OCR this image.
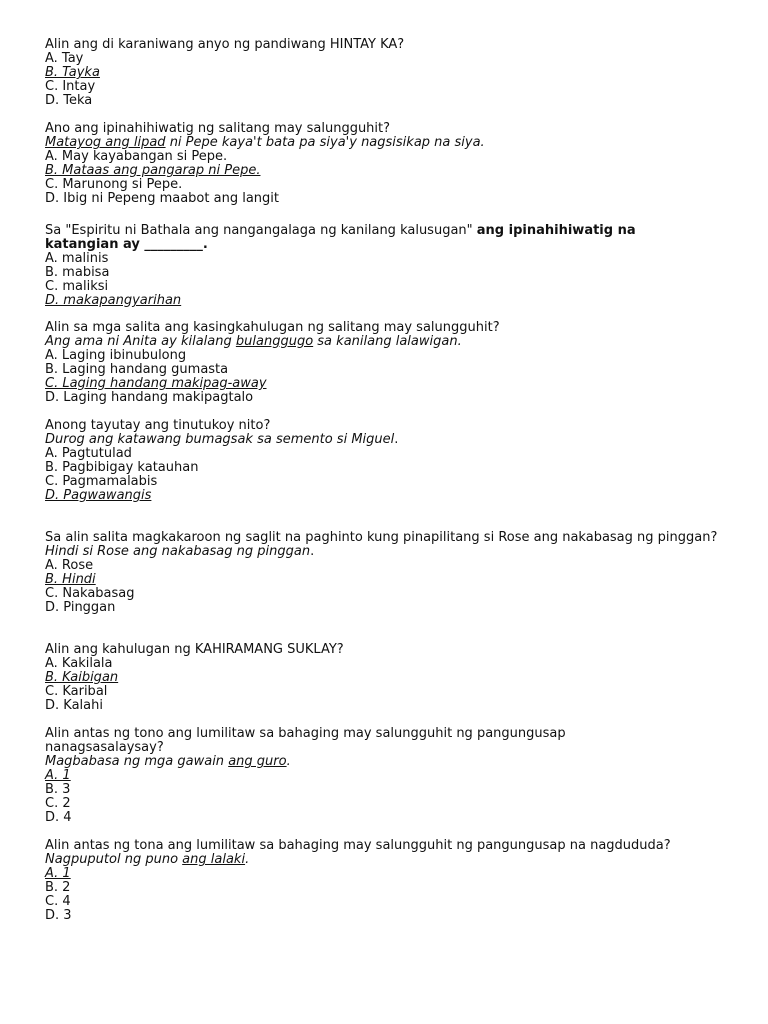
Alin ang di karaniwang anyo ng pandiwang HINTAY KA?
A. Tay
B. Tayka
C. Intay
D. Teka
Ano ang ipinahihiwatig ng salitang may salungguhit?
Matayog ang lipad ni Pepe kaya't bata pa siya'y nagsisikap na siya.
A. May kayabangan si Pepe.
B. Mataas ang pangarap ni Pepe.
C. Marunong si Pepe.
D. Ibig ni Pepeng maabot ang langit
Sa "Espiritu ni Bathala ang nangangalaga ng kanilang kalusugan" ang ipinahihiwatig na
katangian ay _________.
A. malinis
B. mabisa
C. maliksi
D. makapangyarihan
Alin sa mga salita ang kasingkahulugan ng salitang may salungguhit?
Ang ama ni Anita ay kilalang bulanggugo sa kanilang lalawigan.
A. Laging ibinubulong
B. Laging handang gumasta
C. Laging handang makipag-away
D. Laging handang makipagtalo
Anong tayutay ang tinutukoy nito?
Durog ang katawang bumagsak sa semento si Miguel.
A. Pagtutulad
B. Pagbibigay katauhan
C. Pagmamalabis
D. Pagwawangis
Sa alin salita magkakaroon ng saglit na paghinto kung pinapilitang si Rose ang nakabasag ng pinggan?
Hindi si Rose ang nakabasag ng pinggan.
A. Rose
B. Hindi
C. Nakabasag
D. Pinggan
Alin ang kahulugan ng KAHIRAMANG SUKLAY?
A. Kakilala
B. Kaibigan
C. Karibal
D. Kalahi
Alin antas ng tono ang lumilitaw sa bahaging may salungguhit ng pangungusap nanagsasalaysay?
Magbabasa ng mga gawain ang guro.
A. 1
B. 3
C. 2
D. 4
Alin antas ng tona ang lumilitaw sa bahaging may salungguhit ng pangungusap na nagdududa?
Nagpuputol ng puno ang lalaki.
A. 1
B. 2
C. 4
D. 3
